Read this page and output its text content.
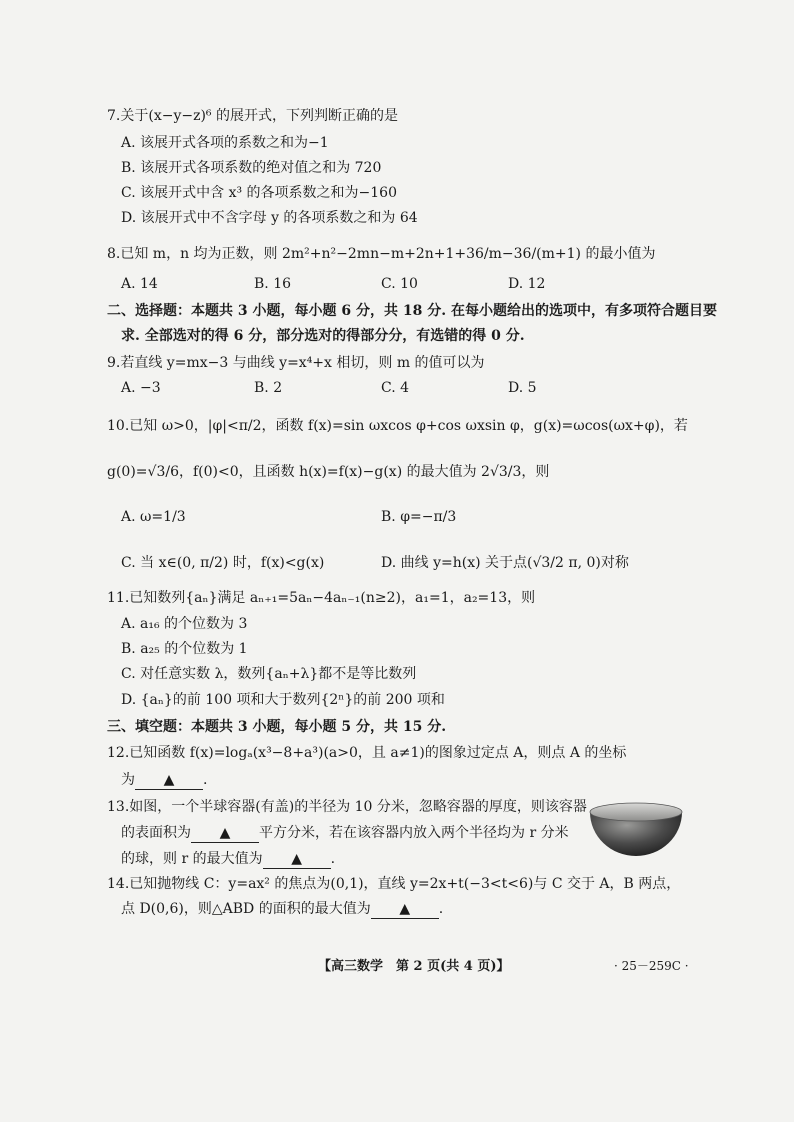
7.关于(x−y−z)⁶ 的展开式，下列判断正确的是
A. 该展开式各项的系数之和为−1
B. 该展开式各项系数的绝对值之和为 720
C. 该展开式中含 x³ 的各项系数之和为−160
D. 该展开式中不含字母 y 的各项系数之和为 64
8.已知 m，n 均为正数，则 2m²+n²−2mn−m+2n+1+36/m−36/(m+1) 的最小值为
A. 14	B. 16	C. 10	D. 12
二、选择题：本题共 3 小题，每小题 6 分，共 18 分. 在每小题给出的选项中，有多项符合题目要
求. 全部选对的得 6 分，部分选对的得部分分，有选错的得 0 分.
9.若直线 y=mx−3 与曲线 y=x⁴+x 相切，则 m 的值可以为
A. −3	B. 2	C. 4	D. 5
10.已知 ω>0，|φ|<π/2，函数 f(x)=sin ωxcos φ+cos ωxsin φ，g(x)=ωcos(ωx+φ)，若
g(0)=√3/6，f(0)<0，且函数 h(x)=f(x)−g(x) 的最大值为 2√3/3，则
A. ω=1/3	B. φ=−π/3
C. 当 x∈(0, π/2) 时，f(x)<g(x)	D. 曲线 y=h(x) 关于点(√3/2 π, 0)对称
11.已知数列{aₙ}满足 aₙ₊₁=5aₙ−4aₙ₋₁(n≥2)，a₁=1，a₂=13，则
A. a₁₆ 的个位数为 3
B. a₂₅ 的个位数为 1
C. 对任意实数 λ，数列{aₙ+λ}都不是等比数列
D. {aₙ}的前 100 项和大于数列{2ⁿ}的前 200 项和
三、填空题：本题共 3 小题，每小题 5 分，共 15 分.
12.已知函数 f(x)=logₐ(x³−8+a³)(a>0，且 a≠1)的图象过定点 A，则点 A 的坐标
为 ▲ .
13.如图，一个半球容器(有盖)的半径为 10 分米，忽略容器的厚度，则该容器
的表面积为 ▲ 平方分米，若在该容器内放入两个半径均为 r 分米
的球，则 r 的最大值为 ▲ .
14.已知抛物线 C：y=ax² 的焦点为(0,1)，直线 y=2x+t(−3<t<6)与 C 交于 A，B 两点，
点 D(0,6)，则△ABD 的面积的最大值为 ▲ .
【高三数学　第 2 页(共 4 页)】	· 25－259C ·
